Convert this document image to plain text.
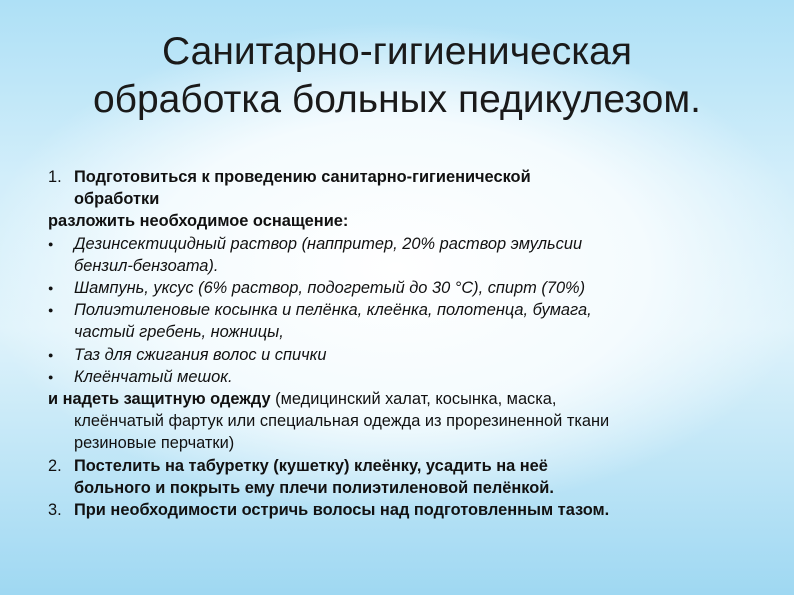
Санитарно-гигиеническая
обработка больных педикулезом.
1. Подготовиться к проведению санитарно-гигиенической
обработки
разложить необходимое оснащение:
● Дезинсектицидный раствор (напприmер, 20% раствор эмульсии
бензил-бензоата).
● Шампунь, уксус (6% раствор, подогретый до 30 °С), спирт (70%)
● Полиэтиленовые косынка и пелёнка, клеёнка, полотенца, бумага,
частый гребень, ножницы,
● Таз для сжигания волос и спички
● Клеёнчатый мешок.
и надеть защитную одежду (медицинский халат, косынка, маска,
клеёнчатый фартук или специальная одежда из прорезиненной ткани
резиновые перчатки)
2. Постелить на табуретку (кушетку) клеёнку, усадить на неё
больного и покрыть ему плечи полиэтиленовой пелёнкой.
3. При необходимости остричь волосы над подготовленным тазом.
